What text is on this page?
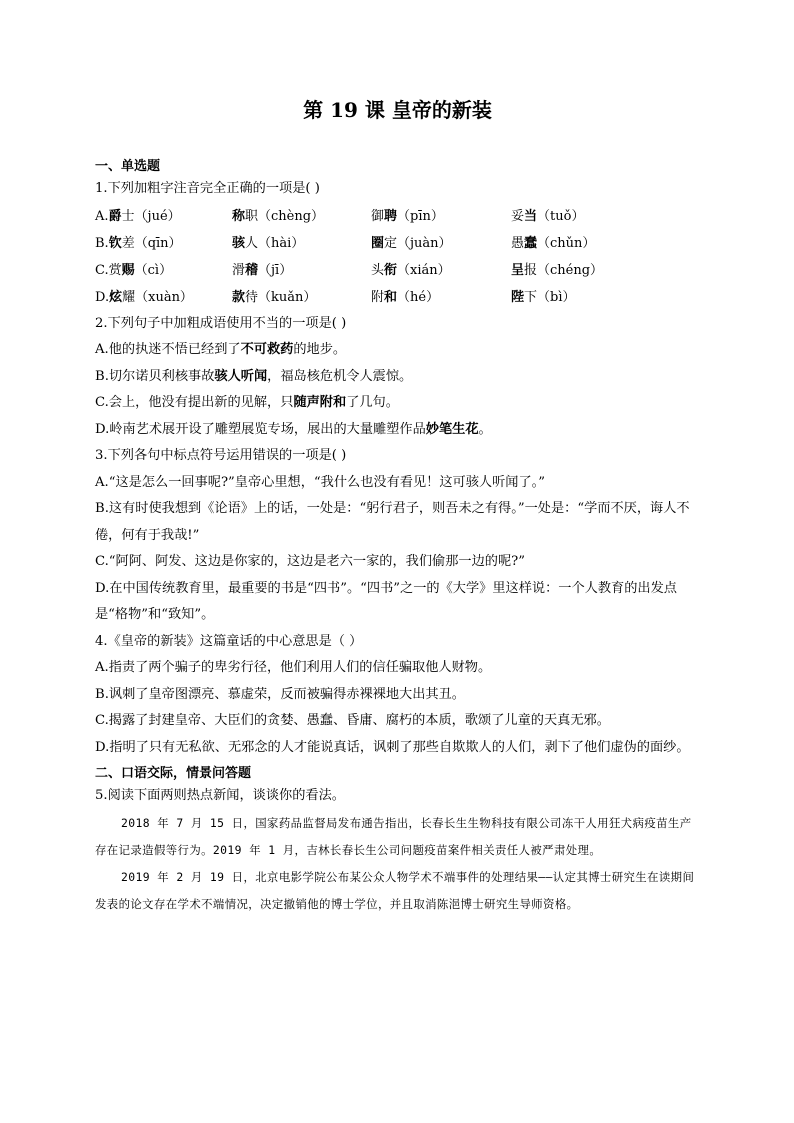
第 19 课 皇帝的新装

一、单选题

1.下列加粗字注音完全正确的一项是( )

A.爵士（jué）	称职（chèng）	御聘（pīn）	妥当（tuǒ）
B.钦差（qīn）	骇人（hài）	圈定（juàn）	愚蠢（chǔn）
C.赏赐（cì）	滑稽（jī）	头衔（xián）	呈报（chéng）
D.炫耀（xuàn）	款待（kuǎn）	附和（hé）	陛下（bì）

2.下列句子中加粗成语使用不当的一项是( )

A.他的执迷不悟已经到了不可救药的地步。

B.切尔诺贝利核事故骇人听闻，福岛核危机令人震惊。

C.会上，他没有提出新的见解，只随声附和了几句。

D.岭南艺术展开设了雕塑展览专场，展出的大量雕塑作品妙笔生花。

3.下列各句中标点符号运用错误的一项是( )

A.“这是怎么一回事呢?”皇帝心里想，“我什么也没有看见！这可骇人听闻了。”

B.这有时使我想到《论语》上的话，一处是：“躬行君子，则吾未之有得。”一处是：“学而不厌，诲人不倦，何有于我哉!”

C.“阿阿、阿发、这边是你家的，这边是老六一家的，我们偷那一边的呢?”

D.在中国传统教育里，最重要的书是“四书”。“四书”之一的《大学》里这样说：一个人教育的出发点是“格物”和“致知”。

4.《皇帝的新装》这篇童话的中心意思是（ ）

A.指责了两个骗子的卑劣行径，他们利用人们的信任骗取他人财物。

B.讽刺了皇帝图漂亮、慕虚荣，反而被骗得赤裸裸地大出其丑。

C.揭露了封建皇帝、大臣们的贪婪、愚蠢、昏庸、腐朽的本质，歌颂了儿童的天真无邪。

D.指明了只有无私欲、无邪念的人才能说真话，讽刺了那些自欺欺人的人们，剥下了他们虚伪的面纱。

二、口语交际，情景问答题

5.阅读下面两则热点新闻，谈谈你的看法。

2018 年 7 月 15 日，国家药品监督局发布通告指出，长春长生生物科技有限公司冻干人用狂犬病疫苗生产存在记录造假等行为。2019 年 1 月，吉林长春长生公司问题疫苗案件相关责任人被严肃处理。

2019 年 2 月 19 日，北京电影学院公布某公众人物学术不端事件的处理结果——认定其博士研究生在读期间发表的论文存在学术不端情况，决定撤销他的博士学位，并且取消陈浥博士研究生导师资格。
